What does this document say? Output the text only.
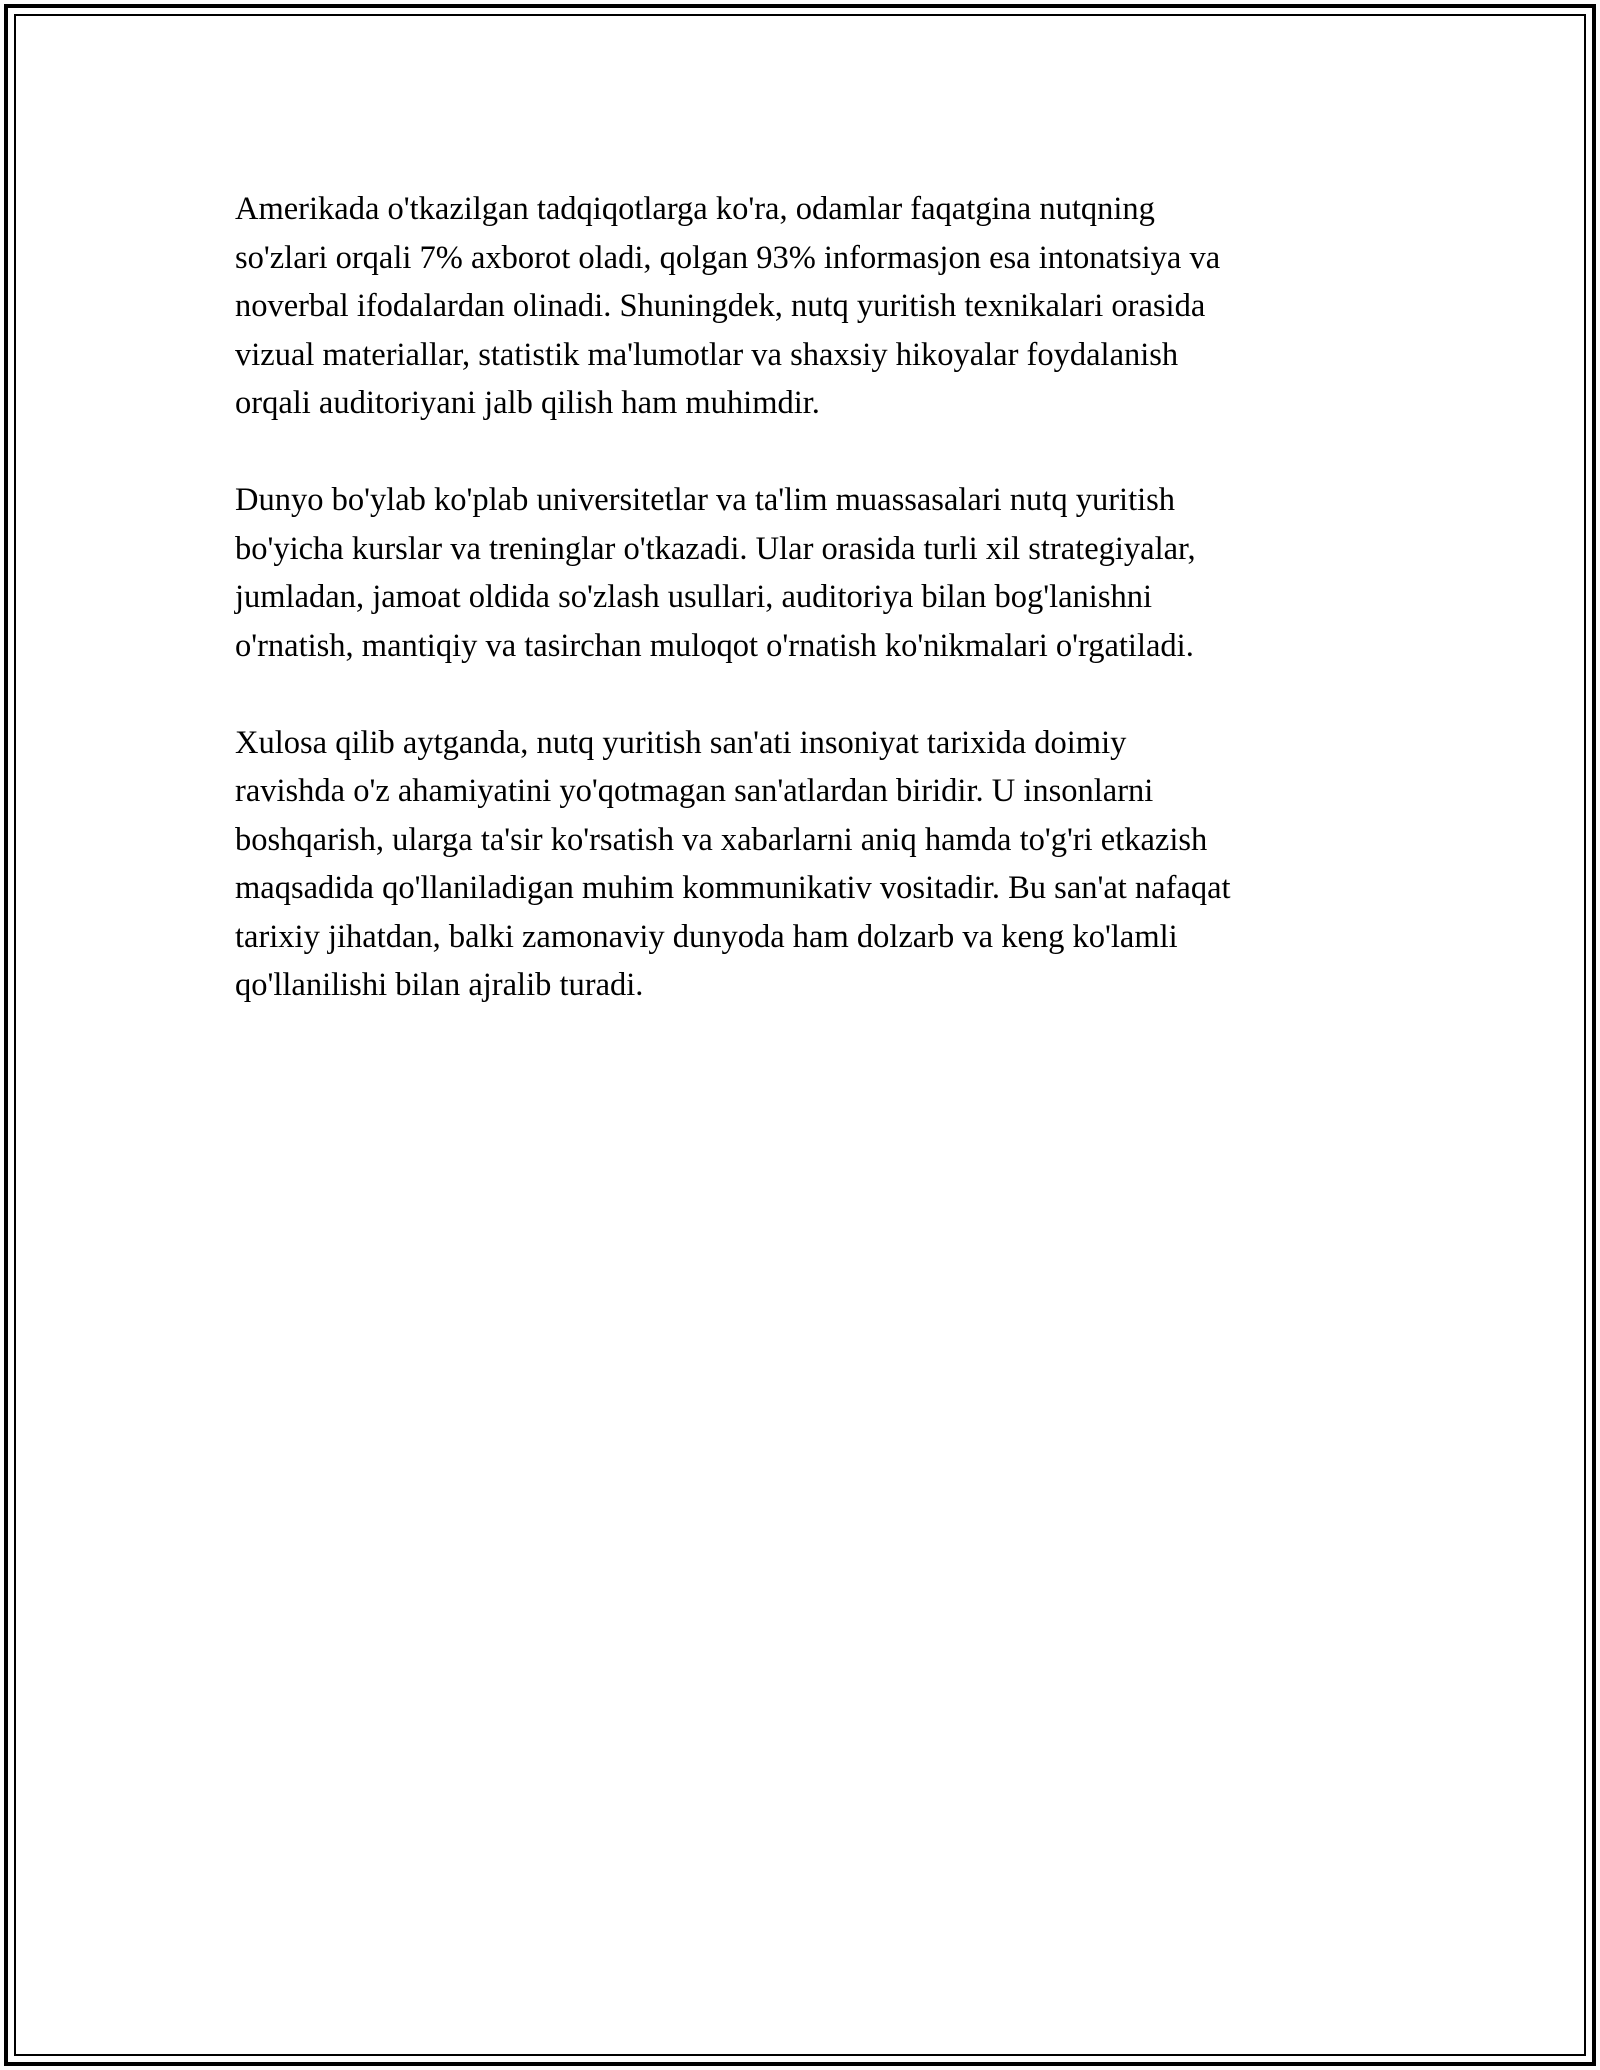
Amerikada o'tkazilgan tadqiqotlarga ko'ra, odamlar faqatgina nutqning
so'zlari orqali 7% axborot oladi, qolgan 93% informasjon esa intonatsiya va
noverbal ifodalardan olinadi. Shuningdek, nutq yuritish texnikalari orasida
vizual materiallar, statistik ma'lumotlar va shaxsiy hikoyalar foydalanish
orqali auditoriyani jalb qilish ham muhimdir.

Dunyo bo'ylab ko'plab universitetlar va ta'lim muassasalari nutq yuritish
bo'yicha kurslar va treninglar o'tkazadi. Ular orasida turli xil strategiyalar,
jumladan, jamoat oldida so'zlash usullari, auditoriya bilan bog'lanishni
o'rnatish, mantiqiy va tasirchan muloqot o'rnatish ko'nikmalari o'rgatiladi.

Xulosa qilib aytganda, nutq yuritish san'ati insoniyat tarixida doimiy
ravishda o'z ahamiyatini yo'qotmagan san'atlardan biridir. U insonlarni
boshqarish, ularga ta'sir ko'rsatish va xabarlarni aniq hamda to'g'ri etkazish
maqsadida qo'llaniladigan muhim kommunikativ vositadir. Bu san'at nafaqat
tarixiy jihatdan, balki zamonaviy dunyoda ham dolzarb va keng ko'lamli
qo'llanilishi bilan ajralib turadi.
